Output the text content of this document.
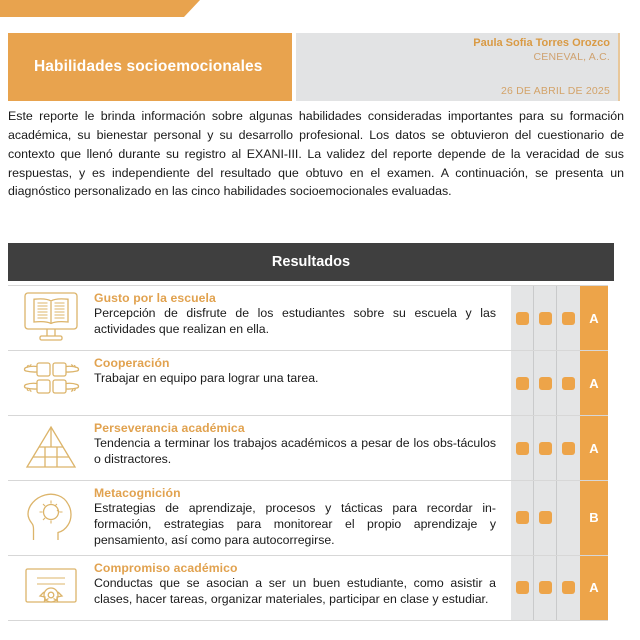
Habilidades socioemocionales
Paula Sofia Torres Orozco
CENEVAL, A.C.
26 DE ABRIL DE 2025
Este reporte le brinda información sobre algunas habilidades consideradas importantes para su formación académica, su bienestar personal y su desarrollo profesional. Los datos se obtuvieron del cuestionario de contexto que llenó durante su registro al EXANI-III. La validez del reporte depende de la veracidad de sus respuestas, y es independiente del resultado que obtuvo en el examen. A continuación, se presenta un diagnóstico personalizado en las cinco habilidades socioemocionales evaluadas.
Resultados
Gusto por la escuela
Percepción de disfrute de los estudiantes sobre su escuela y las actividades que realizan en ella.
A
Cooperación
Trabajar en equipo para lograr una tarea.	A
Perseverancia académica
Tendencia a terminar los trabajos académicos a pesar de los obs-táculos o distractores.
A
Metacognición
Estrategias de aprendizaje, procesos y tácticas para recordar in-formación, estrategias para monitorear el propio aprendizaje y pensamiento, así como para autocorregirse.
B
Compromiso académico
Conductas que se asocian a ser un buen estudiante, como asistir a clases, hacer tareas, organizar materiales, participar en clase y estudiar.
A
